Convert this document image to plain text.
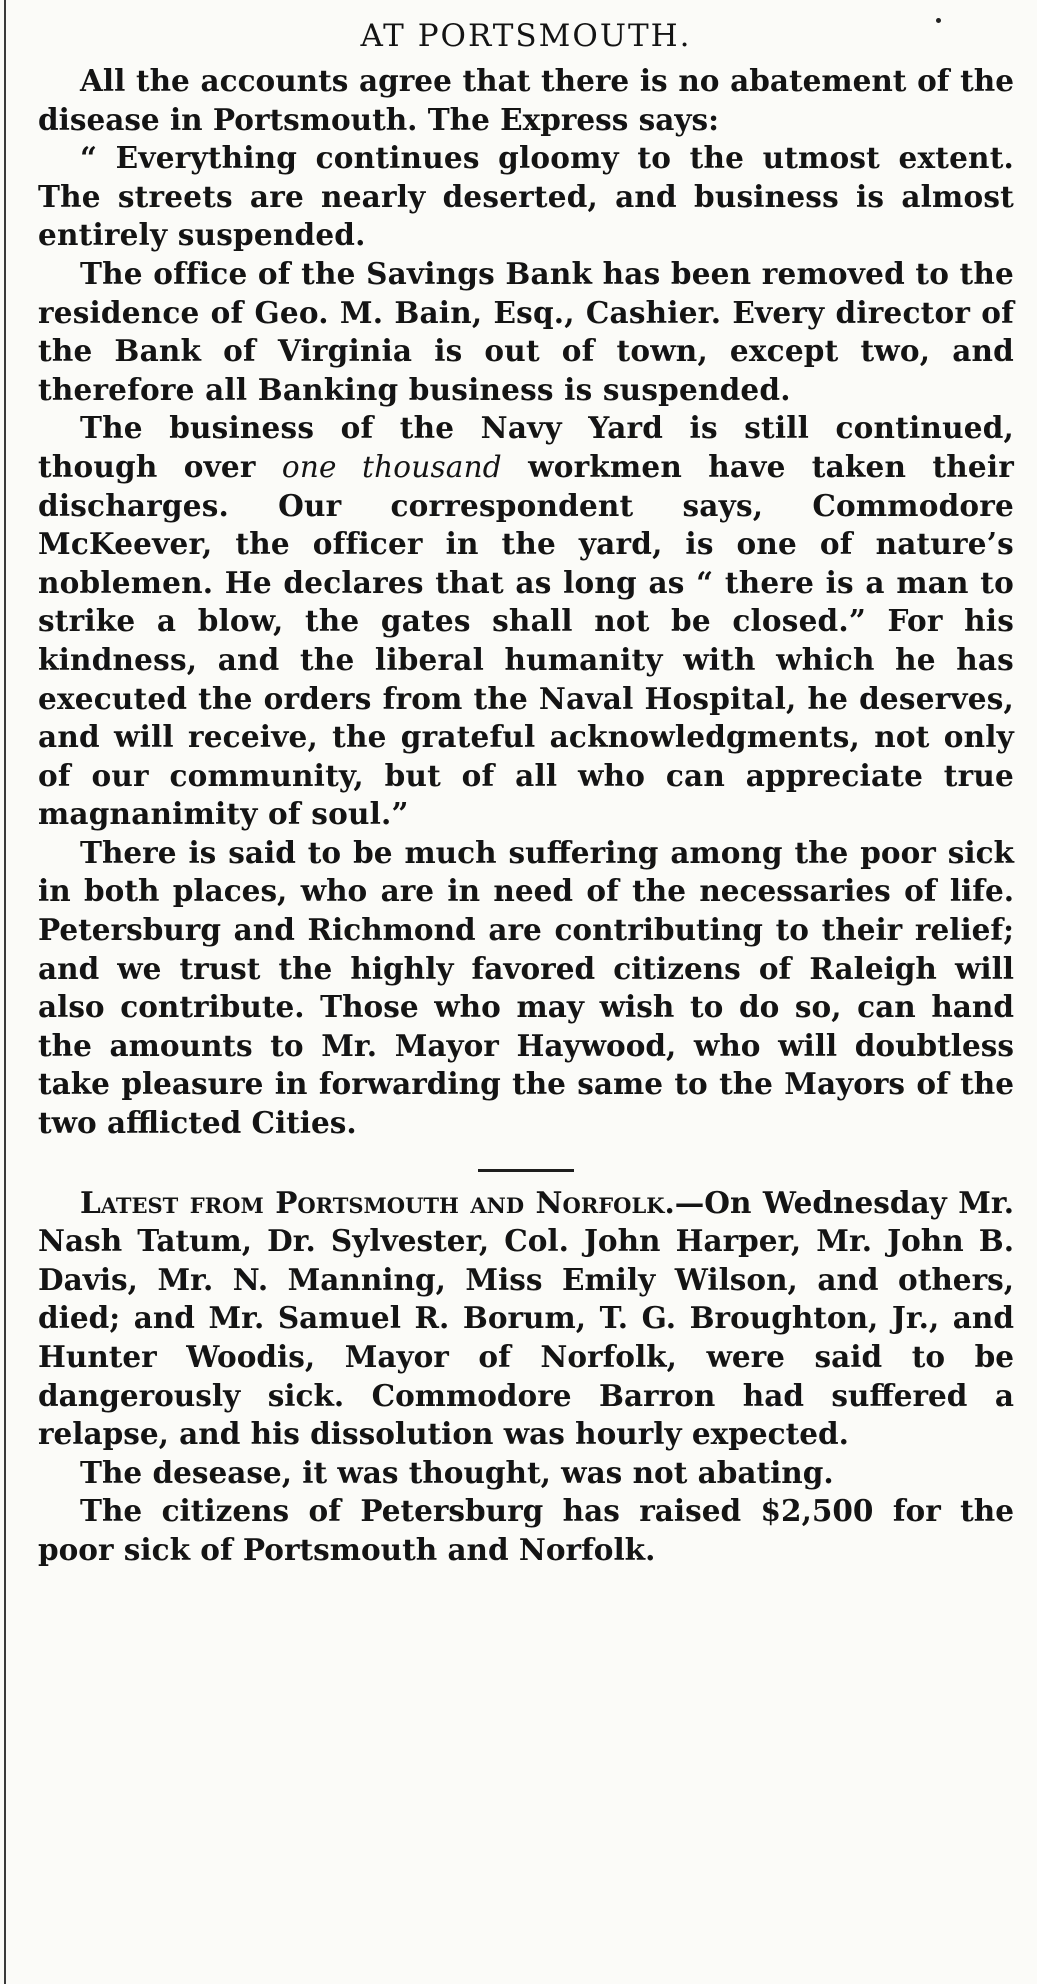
AT PORTSMOUTH.

All the accounts agree that there is no abatement of the disease in Portsmouth. The Express says:

“ Everything continues gloomy to the utmost extent. The streets are nearly deserted, and business is almost entirely suspended.

The office of the Savings Bank has been removed to the residence of Geo. M. Bain, Esq., Cashier. Every director of the Bank of Virginia is out of town, except two, and therefore all Banking business is suspended.

The business of the Navy Yard is still continued, though over one thousand workmen have taken their discharges. Our correspondent says, Commodore McKeever, the officer in the yard, is one of nature’s noblemen. He declares that as long as “ there is a man to strike a blow, the gates shall not be closed.” For his kindness, and the liberal humanity with which he has executed the orders from the Naval Hospital, he deserves, and will receive, the grateful acknowledgments, not only of our community, but of all who can appreciate true magnanimity of soul.”

There is said to be much suffering among the poor sick in both places, who are in need of the necessaries of life. Petersburg and Richmond are contributing to their relief; and we trust the highly favored citizens of Raleigh will also contribute. Those who may wish to do so, can hand the amounts to Mr. Mayor Haywood, who will doubtless take pleasure in forwarding the same to the Mayors of the two afflicted Cities.

Latest from Portsmouth and Norfolk.—On Wednesday Mr. Nash Tatum, Dr. Sylvester, Col. John Harper, Mr. John B. Davis, Mr. N. Manning, Miss Emily Wilson, and others, died; and Mr. Samuel R. Borum, T. G. Broughton, Jr., and Hunter Woodis, Mayor of Norfolk, were said to be dangerously sick. Commodore Barron had suffered a relapse, and his dissolution was hourly expected.

The desease, it was thought, was not abating.

The citizens of Petersburg has raised $2,500 for the poor sick of Portsmouth and Norfolk.
